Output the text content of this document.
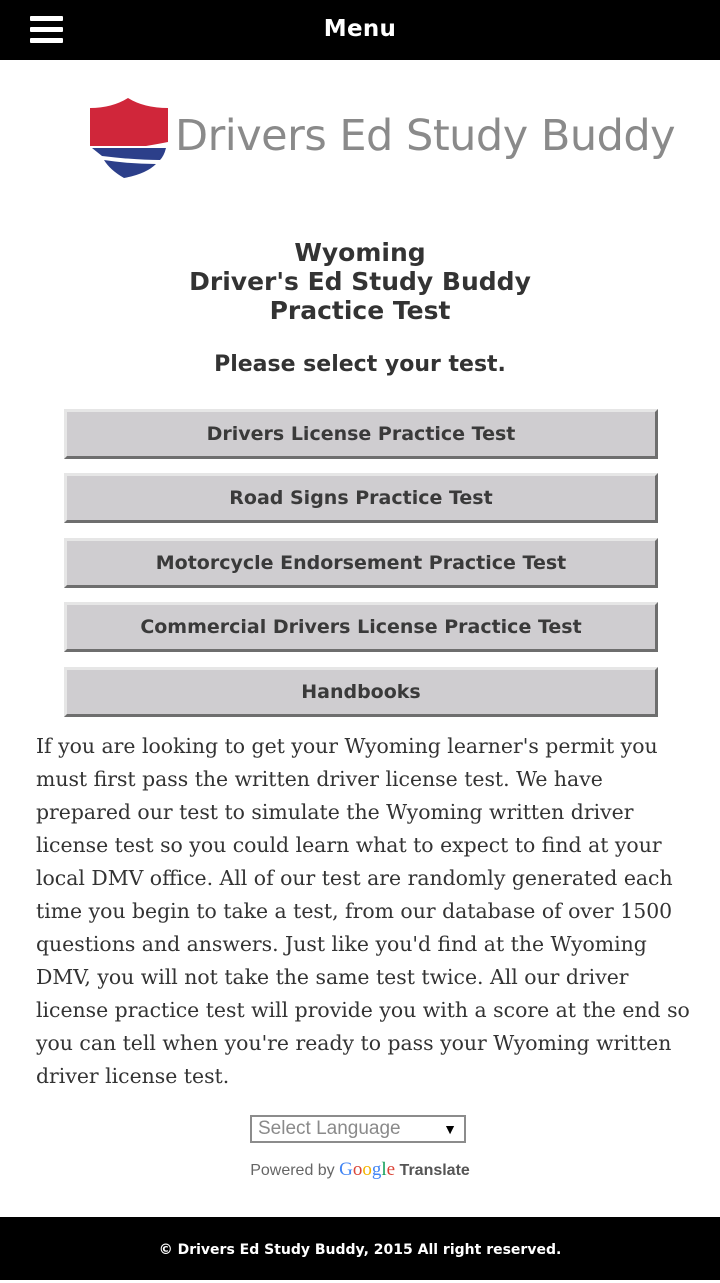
Menu
Drivers Ed Study Buddy
Wyoming
Driver's Ed Study Buddy
Practice Test
Please select your test.
Drivers License Practice Test
Road Signs Practice Test
Motorcycle Endorsement Practice Test
Commercial Drivers License Practice Test
Handbooks
If you are looking to get your Wyoming learner's permit you must first pass the written driver license test. We have prepared our test to simulate the Wyoming written driver license test so you could learn what to expect to find at your local DMV office. All of our test are randomly generated each time you begin to take a test, from our database of over 1500 questions and answers. Just like you'd find at the Wyoming DMV, you will not take the same test twice. All our driver license practice test will provide you with a score at the end so you can tell when you're ready to pass your Wyoming written driver license test.
Select Language	▼
Powered by Google Translate
© Drivers Ed Study Buddy, 2015 All right reserved.
